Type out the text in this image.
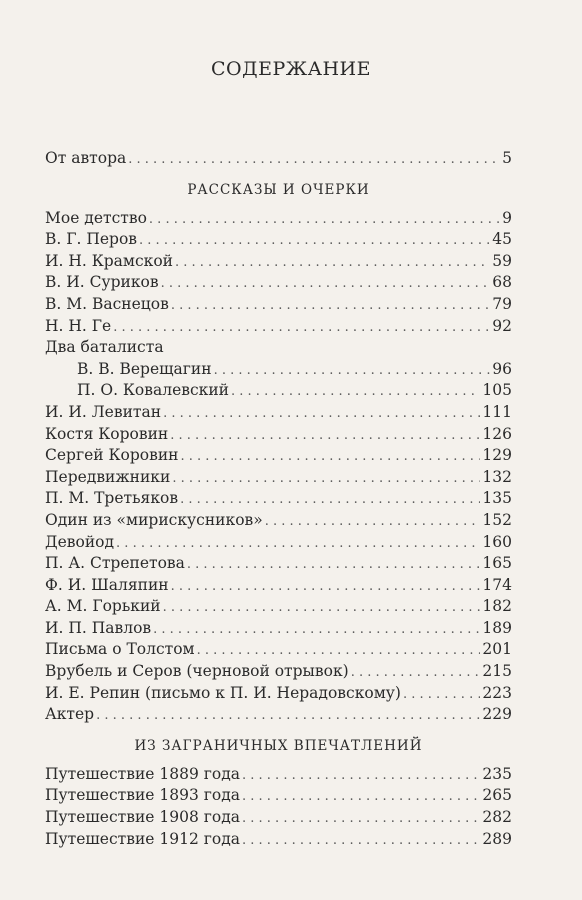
СОДЕРЖАНИЕ
От автора . . .	5
РАССКАЗЫ И ОЧЕРКИ
Мое детство . . .	9
В. Г. Перов . . .	45
И. Н. Крамской . . .	59
В. И. Суриков . . .	68
В. М. Васнецов . . .	79
Н. Н. Ге . . .	92
Два баталиста
В. В. Верещагин . . .	96
П. О. Ковалевский . . .	105
И. И. Левитан . . .	111
Костя Коровин . . .	126
Сергей Коровин . . .	129
Передвижники . . .	132
П. М. Третьяков . . .	135
Один из «мирискусников» . . .	152
Девойод . . .	160
П. А. Стрепетова . . .	165
Ф. И. Шаляпин . . .	174
А. М. Горький . . .	182
И. П. Павлов . . .	189
Письма о Толстом . . .	201
Врубель и Серов (черновой отрывок) . . .	215
И. Е. Репин (письмо к П. И. Нерадовскому) . . .	223
Актер . . .	229
ИЗ ЗАГРАНИЧНЫХ ВПЕЧАТЛЕНИЙ
Путешествие 1889 года . . .	235
Путешествие 1893 года . . .	265
Путешествие 1908 года . . .	282
Путешествие 1912 года . . .	289
